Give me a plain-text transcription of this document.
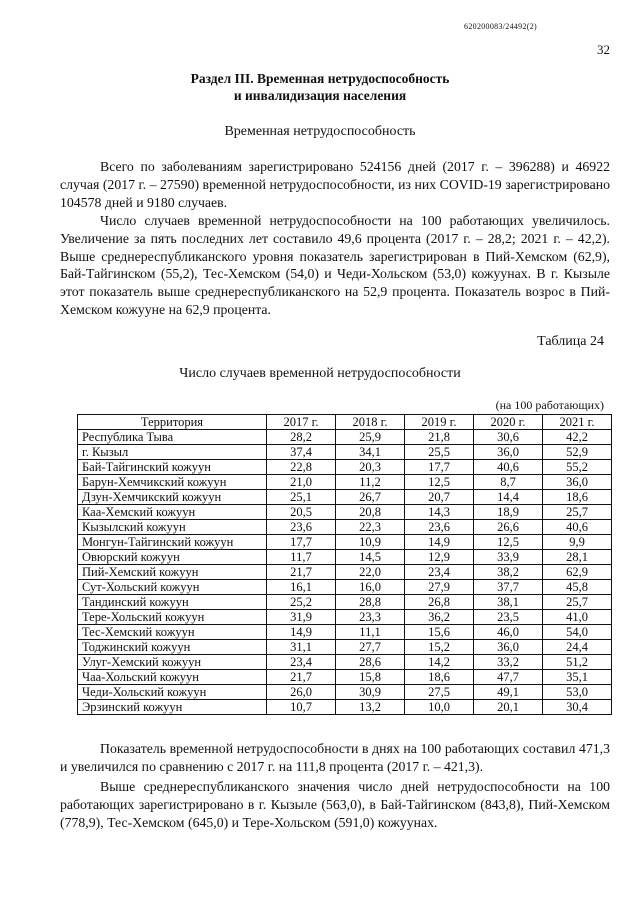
620200083/24492(2)
32
Раздел III. Временная нетрудоспособность
и инвалидизация населения
Временная нетрудоспособность

Всего по заболеваниям зарегистрировано 524156 дней (2017 г. – 396288) и 46922 случая (2017 г. – 27590) временной нетрудоспособности, из них COVID-19 зарегистрировано 104578 дней и 9180 случаев.

Число случаев временной нетрудоспособности на 100 работающих увеличилось. Увеличение за пять последних лет составило 49,6 процента (2017 г. – 28,2; 2021 г. – 42,2). Выше среднереспубликанского уровня показатель зарегистрирован в Пий-Хемском (62,9), Бай-Тайгинском (55,2), Тес-Хемском (54,0) и Чеди-Хольском (53,0) кожуунах. В г. Кызыле этот показатель выше среднереспубликанского на 52,9 процента. Показатель возрос в Пий-Хемском кожууне на 62,9 процента.

Таблица 24
Число случаев временной нетрудоспособности
(на 100 работающих)
Территория	2017 г.	2018 г.	2019 г.	2020 г.	2021 г.
Республика Тыва	28,2	25,9	21,8	30,6	42,2
г. Кызыл	37,4	34,1	25,5	36,0	52,9
Бай-Тайгинский кожуун	22,8	20,3	17,7	40,6	55,2
Барун-Хемчикский кожуун	21,0	11,2	12,5	8,7	36,0
Дзун-Хемчикский кожуун	25,1	26,7	20,7	14,4	18,6
Каа-Хемский кожуун	20,5	20,8	14,3	18,9	25,7
Кызылский кожуун	23,6	22,3	23,6	26,6	40,6
Монгун-Тайгинский кожуун	17,7	10,9	14,9	12,5	9,9
Овюрский кожуун	11,7	14,5	12,9	33,9	28,1
Пий-Хемский кожуун	21,7	22,0	23,4	38,2	62,9
Сут-Хольский кожуун	16,1	16,0	27,9	37,7	45,8
Тандинский кожуун	25,2	28,8	26,8	38,1	25,7
Тере-Хольский кожуун	31,9	23,3	36,2	23,5	41,0
Тес-Хемский кожуун	14,9	11,1	15,6	46,0	54,0
Тоджинский кожуун	31,1	27,7	15,2	36,0	24,4
Улуг-Хемский кожуун	23,4	28,6	14,2	33,2	51,2
Чаа-Хольский кожуун	21,7	15,8	18,6	47,7	35,1
Чеди-Хольский кожуун	26,0	30,9	27,5	49,1	53,0
Эрзинский кожуун	10,7	13,2	10,0	20,1	30,4

Показатель временной нетрудоспособности в днях на 100 работающих составил 471,3 и увеличился по сравнению с 2017 г. на 111,8 процента (2017 г. – 421,3).

Выше среднереспубликанского значения число дней нетрудоспособности на 100 работающих зарегистрировано в г. Кызыле (563,0), в Бай-Тайгинском (843,8), Пий-Хемском (778,9), Тес-Хемском (645,0) и Тере-Хольском (591,0) кожуунах.
